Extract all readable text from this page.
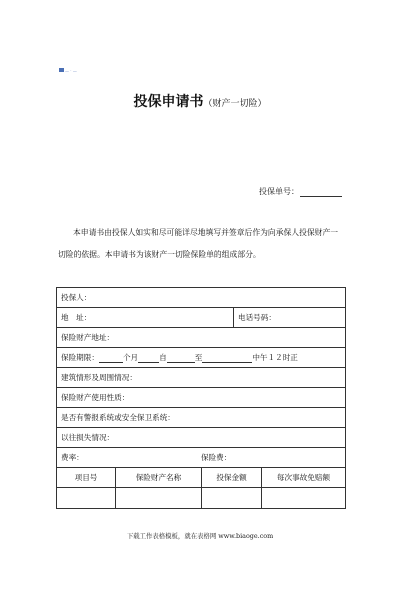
— · —
投保申请书（财产一切险）
投保单号：
本申请书由投保人如实和尽可能详尽地填写并签章后作为向承保人投保财产一切险的依据。本申请书为该财产一切险保险单的组成部分。
投保人：
地　址：	电话号码：
保险财产地址：
保险期限：	个月	自	至	中午１２时正
建筑情形及周围情况：
保险财产使用性质：
是否有警报系统或安全保卫系统：
以往损失情况：
费率：	保险费：
项目号	保险财产名称	投保金额	每次事故免赔额
下载工作表格模板，就在表格网 www.biaoge.com
